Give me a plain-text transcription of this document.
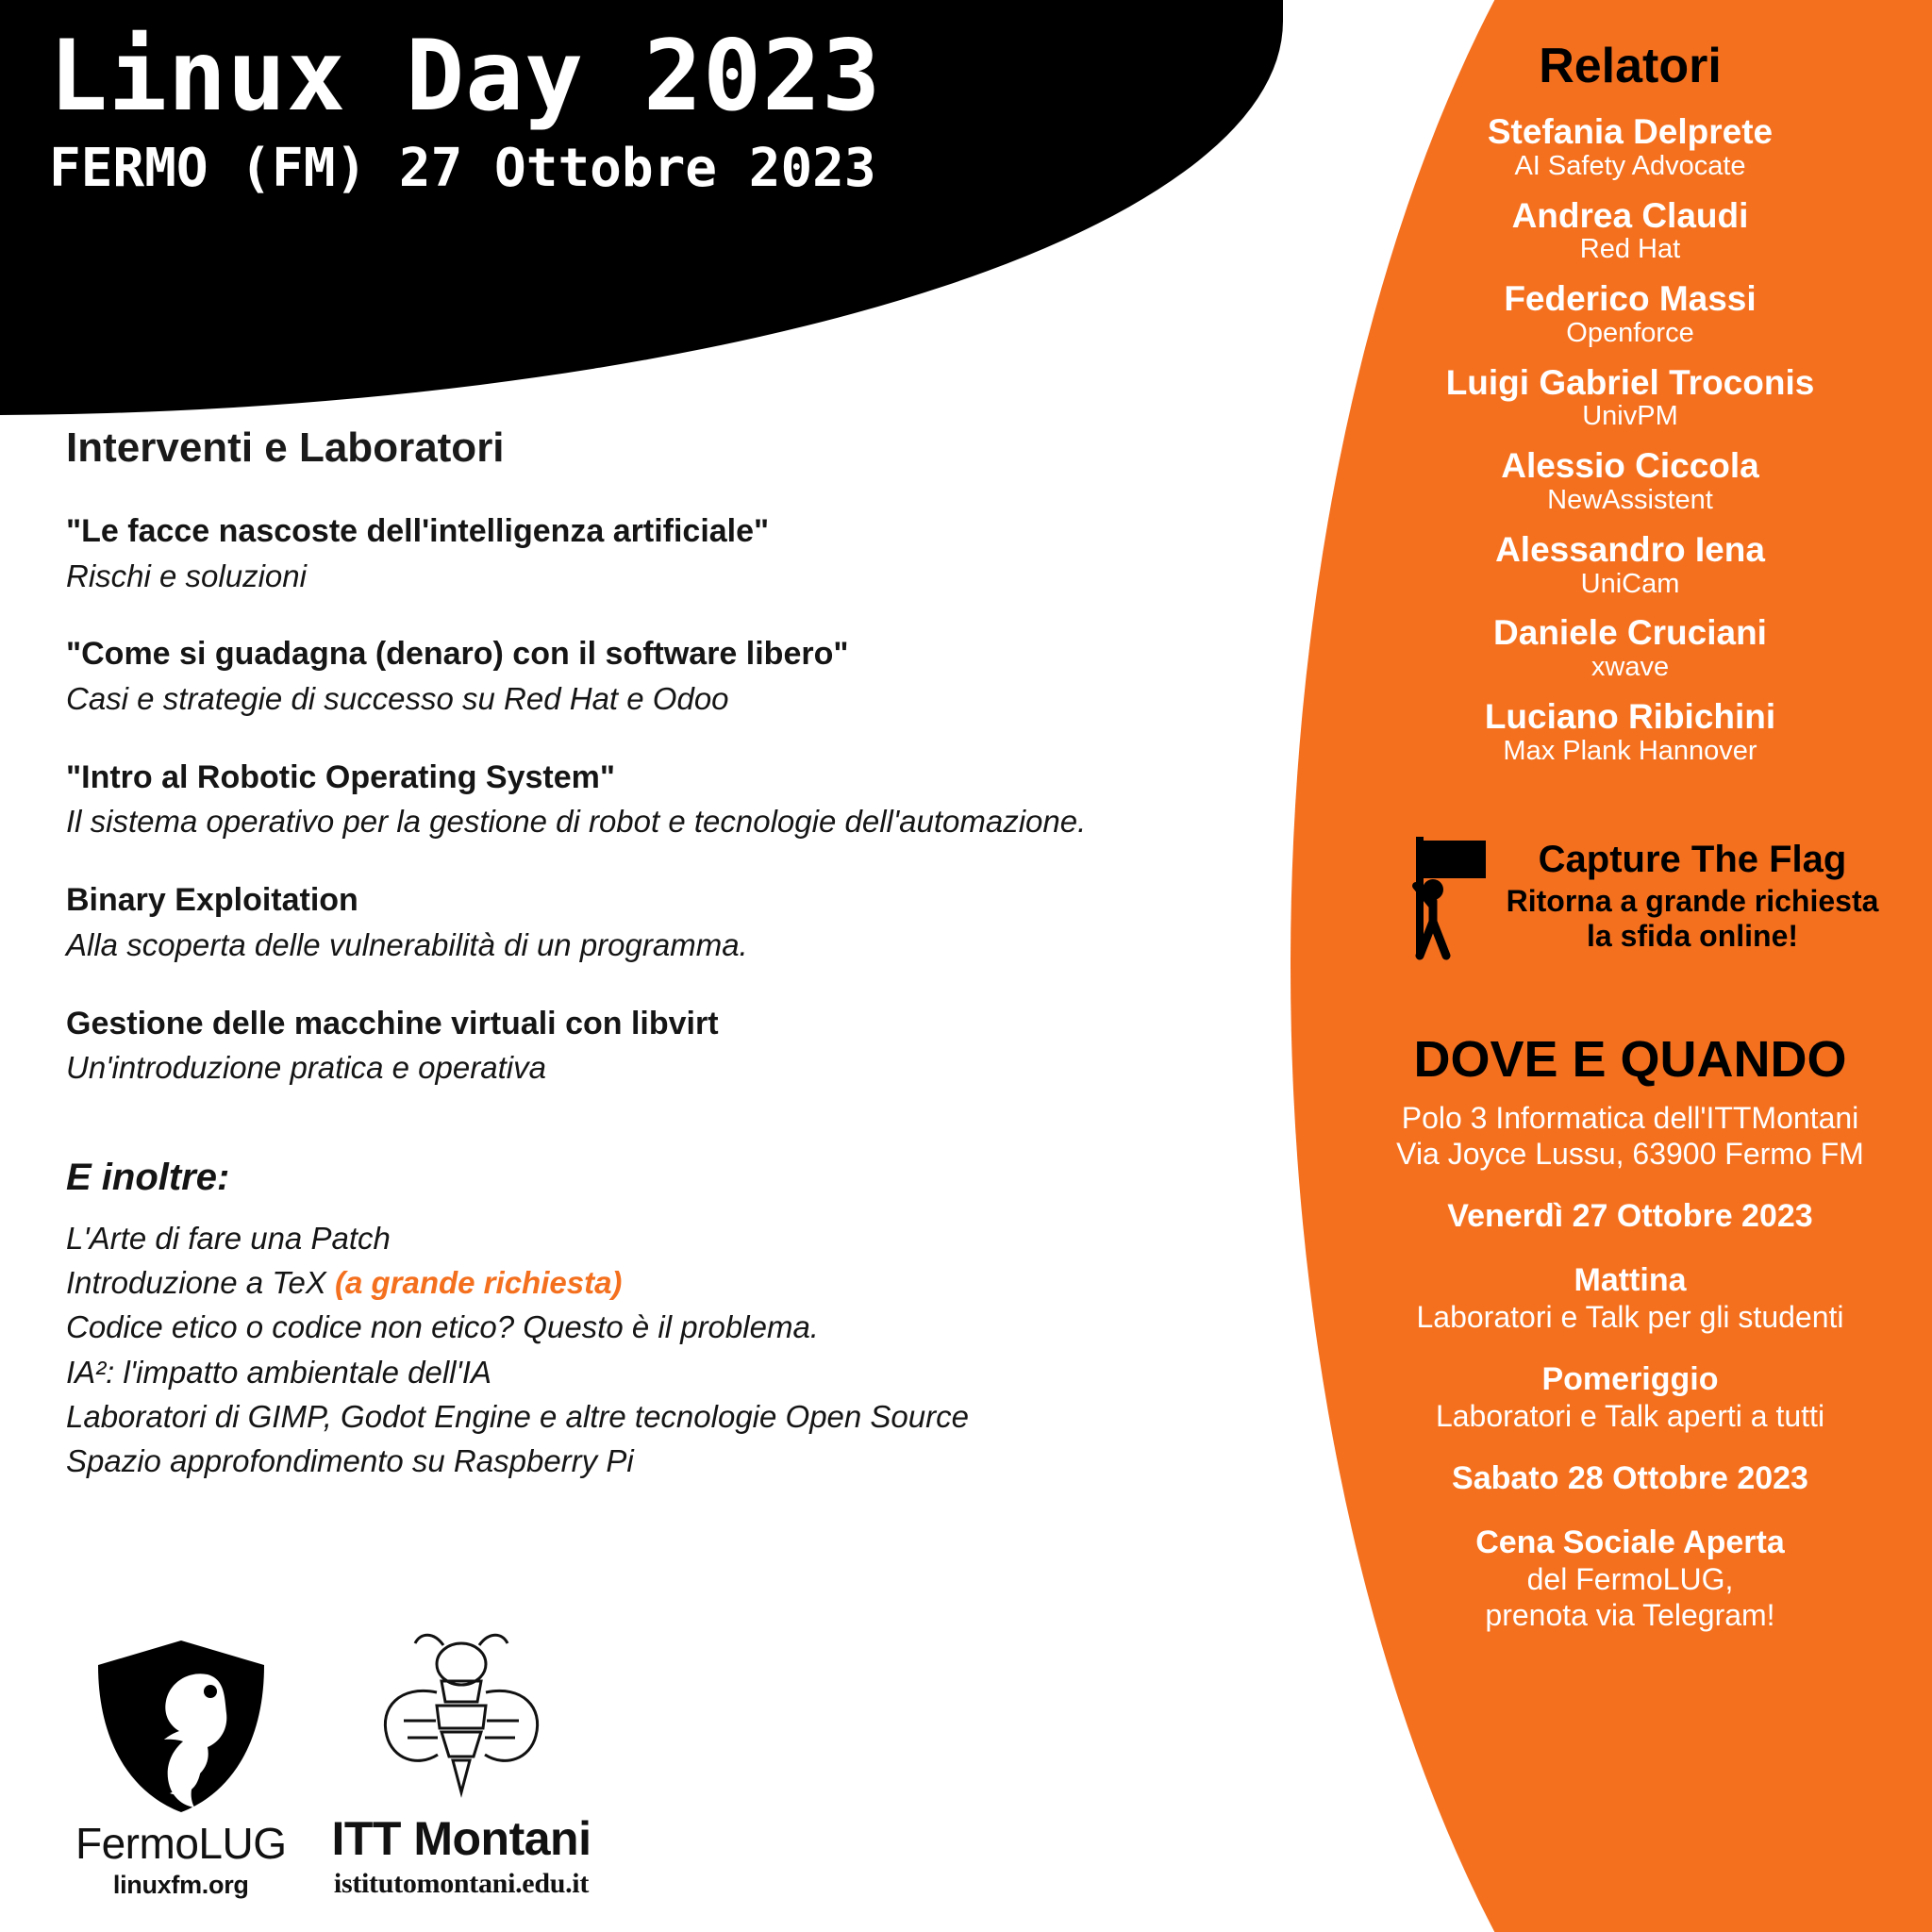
Linux Day 2023
FERMO (FM) 27 Ottobre 2023
Interventi e Laboratori
"Le facce nascoste dell'intelligenza artificiale"
Rischi e soluzioni
"Come si guadagna (denaro) con il software libero"
Casi e strategie di successo su Red Hat e Odoo
"Intro al Robotic Operating System"
Il sistema operativo per la gestione di robot e tecnologie dell'automazione.
Binary Exploitation
Alla scoperta delle vulnerabilità di un programma.
Gestione delle macchine virtuali con libvirt
Un'introduzione pratica e operativa
E inoltre:
L'Arte di fare una Patch
Introduzione a TeX (a grande richiesta)
Codice etico o codice non etico? Questo è il problema.
IA²: l'impatto ambientale dell'IA
Laboratori di GIMP, Godot Engine e altre tecnologie Open Source
Spazio approfondimento su Raspberry Pi
FermoLUG
linuxfm.org
ITT Montani
istitutomontani.edu.it
Relatori
Stefania Delprete
AI Safety Advocate
Andrea Claudi
Red Hat
Federico Massi
Openforce
Luigi Gabriel Troconis
UnivPM
Alessio Ciccola
NewAssistent
Alessandro Iena
UniCam
Daniele Cruciani
xwave
Luciano Ribichini
Max Plank Hannover
Capture The Flag
Ritorna a grande richiesta
la sfida online!
DOVE E QUANDO
Polo 3 Informatica dell'ITTMontani
Via Joyce Lussu, 63900 Fermo FM
Venerdì 27 Ottobre 2023
Mattina
Laboratori e Talk per gli studenti
Pomeriggio
Laboratori e Talk aperti a tutti
Sabato 28 Ottobre 2023
Cena Sociale Aperta
del FermoLUG,
prenota via Telegram!
